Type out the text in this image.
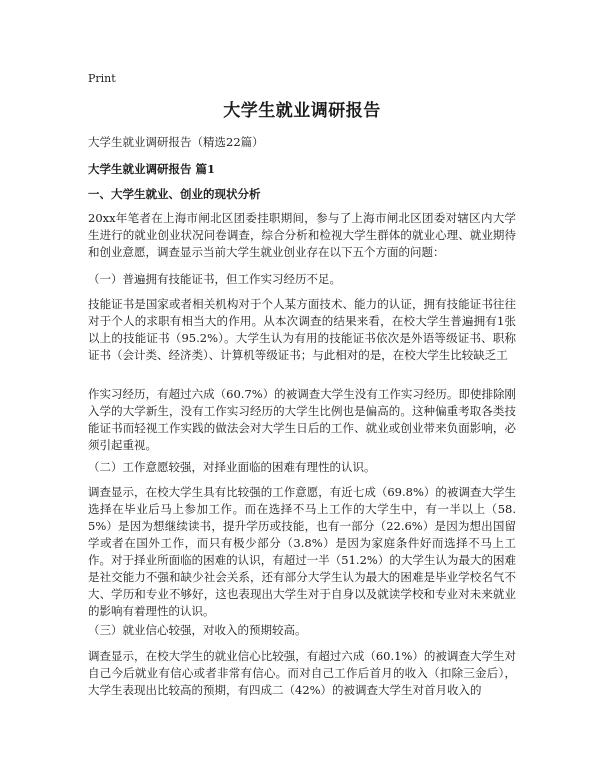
Print
大学生就业调研报告
大学生就业调研报告（精选22篇）
大学生就业调研报告 篇1
一、大学生就业、创业的现状分析
20xx年笔者在上海市闸北区团委挂职期间，参与了上海市闸北区团委对辖区内大学生进行的就业创业状况问卷调查，综合分析和检视大学生群体的就业心理、就业期待和创业意愿，调查显示当前大学生就业创业存在以下五个方面的问题：
（一）普遍拥有技能证书，但工作实习经历不足。
技能证书是国家或者相关机构对于个人某方面技术、能力的认证，拥有技能证书往往对于个人的求职有相当大的作用。从本次调查的结果来看，在校大学生普遍拥有1张以上的技能证书（95.2%）。大学生认为有用的技能证书依次是外语等级证书、职称证书（会计类、经济类）、计算机等级证书；与此相对的是，在校大学生比较缺乏工
作实习经历，有超过六成（60.7%）的被调查大学生没有工作实习经历。即使排除刚入学的大学新生，没有工作实习经历的大学生比例也是偏高的。这种偏重考取各类技能证书而轻视工作实践的做法会对大学生日后的工作、就业或创业带来负面影响，必须引起重视。
（二）工作意愿较强，对择业面临的困难有理性的认识。
调查显示，在校大学生具有比较强的工作意愿，有近七成（69.8%）的被调查大学生选择在毕业后马上参加工作。而在选择不马上工作的大学生中，有一半以上（58.5%）是因为想继续读书，提升学历或技能，也有一部分（22.6%）是因为想出国留学或者在国外工作，而只有极少部分（3.8%）是因为家庭条件好而选择不马上工作。对于择业所面临的困难的认识，有超过一半（51.2%）的大学生认为最大的困难是社交能力不强和缺少社会关系，还有部分大学生认为最大的困难是毕业学校名气不大、学历和专业不够好，这也表现出大学生对于自身以及就读学校和专业对未来就业的影响有着理性的认识。
（三）就业信心较强，对收入的预期较高。
调查显示，在校大学生的就业信心比较强，有超过六成（60.1%）的被调查大学生对自己今后就业有信心或者非常有信心。而对自己工作后首月的收入（扣除三金后），大学生表现出比较高的预期，有四成二（42%）的被调查大学生对首月收入的
